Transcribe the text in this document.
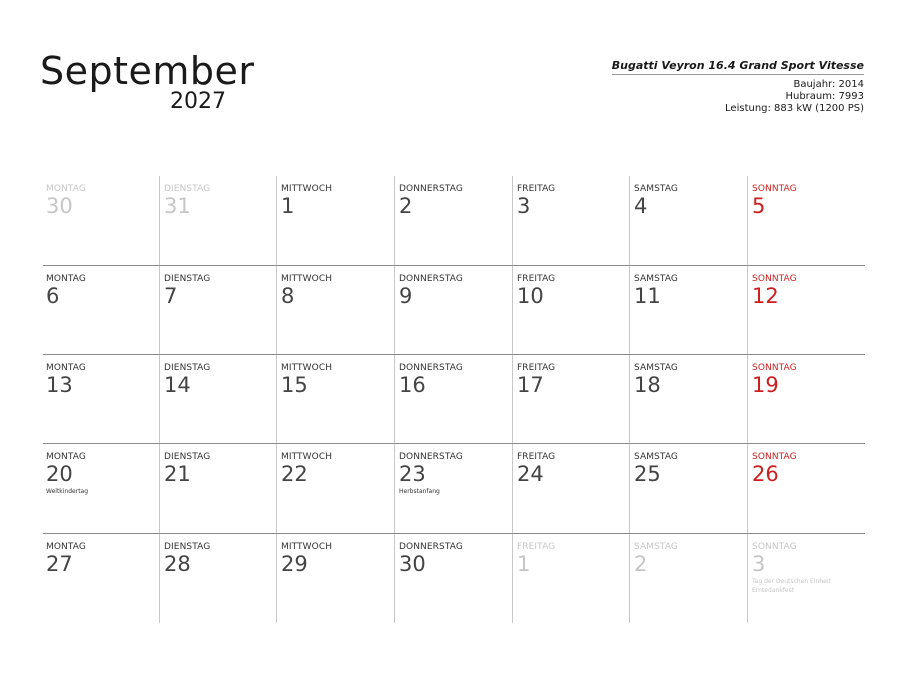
September
2027
Bugatti Veyron 16.4 Grand Sport Vitesse
Baujahr: 2014
Hubraum: 7993
Leistung: 883 kW (1200 PS)
MONTAG
30
DIENSTAG
31
MITTWOCH
1
DONNERSTAG
2
FREITAG
3
SAMSTAG
4
SONNTAG
5
MONTAG
6
DIENSTAG
7
MITTWOCH
8
DONNERSTAG
9
FREITAG
10
SAMSTAG
11
SONNTAG
12
MONTAG
13
DIENSTAG
14
MITTWOCH
15
DONNERSTAG
16
FREITAG
17
SAMSTAG
18
SONNTAG
19
MONTAG
20
Weltkindertag
DIENSTAG
21
MITTWOCH
22
DONNERSTAG
23
Herbstanfang
FREITAG
24
SAMSTAG
25
SONNTAG
26
MONTAG
27
DIENSTAG
28
MITTWOCH
29
DONNERSTAG
30
FREITAG
1
SAMSTAG
2
SONNTAG
3
Tag der Deutschen Einheit Erntedankfest
